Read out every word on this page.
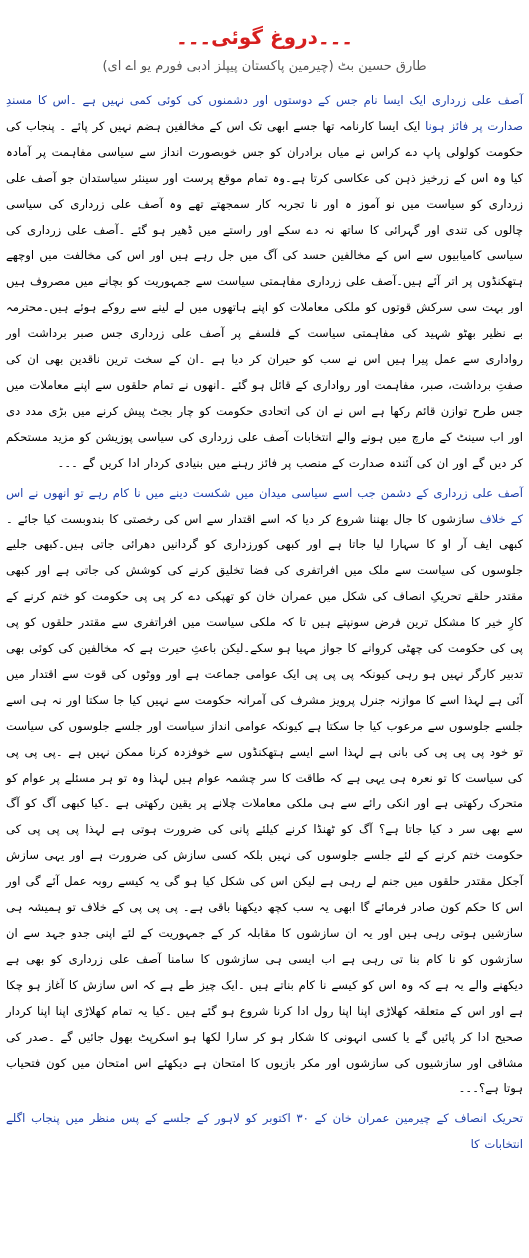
۔۔۔دروغ گوئی۔۔۔
طارق حسین بٹ (چیرمین پاکستان پیپلز ادبی فورم یو اے ای)

آصف علی زرداری ایک ایسا نام جس کے دوستوں اور دشمنوں کی کوئی کمی نہیں ہے ۔اس کا مسندِ صدارت پر فائز ہونا ایک ایسا کارنامہ تھا جسے ابھی تک اس کے مخالفین ہضم نہیں کر پائے ۔ پنجاب کی حکومت کولولی پاپ دے کراس نے میاں برادران کو جس خوبصورت انداز سے سیاسی مفاہمت پر آمادہ کیا وہ اس کے زرخیز ذہن کی عکاسی کرتا ہے۔وہ تمام موقع پرست اور سینئر سیاستدان جو آصف علی زرداری کو سیاست میں نو آموز ہ اور نا تجربہ کار سمجھتے تھے وہ آصف علی زرداری کی سیاسی چالوں کی تندی اور گہرائی کا ساتھ نہ دے سکے اور راستے میں ڈھیر ہو گئے ۔آصف علی زرداری کی سیاسی کامیابیوں سے اس کے مخالفین حسد کی آگ میں جل رہے ہیں اور اس کی مخالفت میں اوچھے ہتھکنڈوں پر اتر آئے ہیں۔آصف علی زرداری مفاہمتی سیاست سے جمہوریت کو بچانے میں مصروف ہیں اور بہت سی سرکش قوتوں کو ملکی معاملات کو اپنے ہاتھوں میں لے لینے سے روکے ہوئے ہیں۔محترمہ بے نظیر بھٹو شہید کی مفاہمتی سیاست کے فلسفے پر آصف علی زرداری جس صبر برداشت اور رواداری سے عمل پیرا ہیں اس نے سب کو حیران کر دیا ہے ۔ان کے سخت ترین ناقدین بھی ان کی صفتِ برداشت، صبر، مفاہمت اور رواداری کے قائل ہو گئے ۔انھوں نے تمام حلقوں سے اپنے معاملات میں جس طرح توازن قائم رکھا ہے اس نے ان کی اتحادی حکومت کو چار بجٹ پیش کرنے میں بڑی مدد دی اور اب سینٹ کے مارچ میں ہونے والے انتخابات آصف علی زرداری کی سیاسی پوزیشن کو مزید مستحکم کر دیں گے اور ان کی آئندہ صدارت کے منصب پر فائز رہنے میں بنیادی کردار ادا کریں گے ۔۔۔

آصف علی زرداری کے دشمن جب اسے سیاسی میدان میں شکست دینے میں نا کام رہے تو انھوں نے اس کے خلاف سازشوں کا جال بھننا شروع کر دیا کہ اسے اقتدار سے اس کی رخصتی کا بندوبست کیا جائے ۔کبھی ایف آر او کا سہارا لیا جاتا ہے اور کبھی کورزداری کو گردانیں دھرائی جاتی ہیں۔کبھی جلیے جلوسوں کی سیاست سے ملک میں افراتفری کی فضا تخلیق کرنے کی کوشش کی جاتی ہے اور کبھی مقتدر حلقے تحریکِ انصاف کی شکل میں عمران خان کو تھپکی دے کر پی پی حکومت کو ختم کرنے کے کارِ خیر کا مشکل ترین فرض سونپتے ہیں تا کہ ملکی سیاست میں افراتفری سے مقتدر حلقوں کو پی پی کی حکومت کی چھٹی کروانے کا جواز مہیا ہو سکے۔لیکن باعثِ حیرت ہے کہ مخالفین کی کوئی بھی تدبیر کارگر نہیں ہو رہی کیونکہ پی پی پی ایک عوامی جماعت ہے اور ووٹوں کی قوت سے اقتدار میں آئی ہے لہذا اسے کا موازنہ جنرل پرویز مشرف کی آمرانہ حکومت سے نہیں کیا جا سکتا اور نہ ہی اسے جلسے جلوسوں سے مرعوب کیا جا سکتا ہے کیونکہ عوامی انداز سیاست اور جلسے جلوسوں کی سیاست تو خود پی پی پی کی بانی ہے لہذا اسے ایسے ہتھکنڈوں سے خوفزدہ کرنا ممکن نہیں ہے ۔پی پی پی کی سیاست کا تو نعرہ ہی یہی ہے کہ طاقت کا سر چشمہ عوام ہیں لہذا وہ تو ہر مسئلے پر عوام کو متحرک رکھتی ہے اور انکی رائے سے ہی ملکی معاملات چلانے پر یقین رکھتی ہے ۔کیا کبھی آگ کو آگ سے بھی سر د کیا جاتا ہے؟ آگ کو ٹھنڈا کرنے کیلئے پانی کی ضرورت ہوتی ہے لہذا پی پی پی کی حکومت ختم کرنے کے لئے جلسے جلوسوں کی نہیں بلکہ کسی سازش کی ضرورت ہے اور یہی سازش آجکل مقتدر حلقوں میں جنم لے رہی ہے لیکن اس کی شکل کیا ہو گی یہ کیسے روبہ عمل آئے گی اور اس کا حکم کون صادر فرمائے گا ابھی یہ سب کچھ دیکھنا باقی ہے۔ پی پی پی کے خلاف تو ہمیشہ ہی سازشیں ہوتی رہی ہیں اور یہ ان سازشوں کا مقابلہ کر کے جمہوریت کے لئے اپنی جدو جہد سے ان سازشوں کو نا کام بنا تی رہی ہے اب ایسی ہی سازشوں کا سامنا آصف علی زرداری کو بھی ہے دیکھنے والے یہ ہے کہ وہ اس کو کیسے نا کام بناتے ہیں ۔ایک چیز طے ہے کہ اس سازش کا آغاز ہو چکا ہے اور اس کے متعلقہ کھلاڑی اپنا اپنا رول ادا کرنا شروع ہو گئے ہیں ۔کیا یہ تمام کھلاڑی اپنا اپنا کردار صحیح ادا کر پائیں گے یا کسی انہونی کا شکار ہو کر سارا لکھا ہو اسکرپٹ بھول جائیں گے ۔صدر کی مشاقی اور سازشیوں کی سازشوں اور مکر بازیوں کا امتحان ہے دیکھئے اس امتحان میں کون فتحیاب ہوتا ہے؟۔۔۔

تحریک انصاف کے چیرمین عمران خان کے ۳۰ اکتوبر کو لاہور کے جلسے کے پس منظر میں پنجاب اگلے انتخابات کا
